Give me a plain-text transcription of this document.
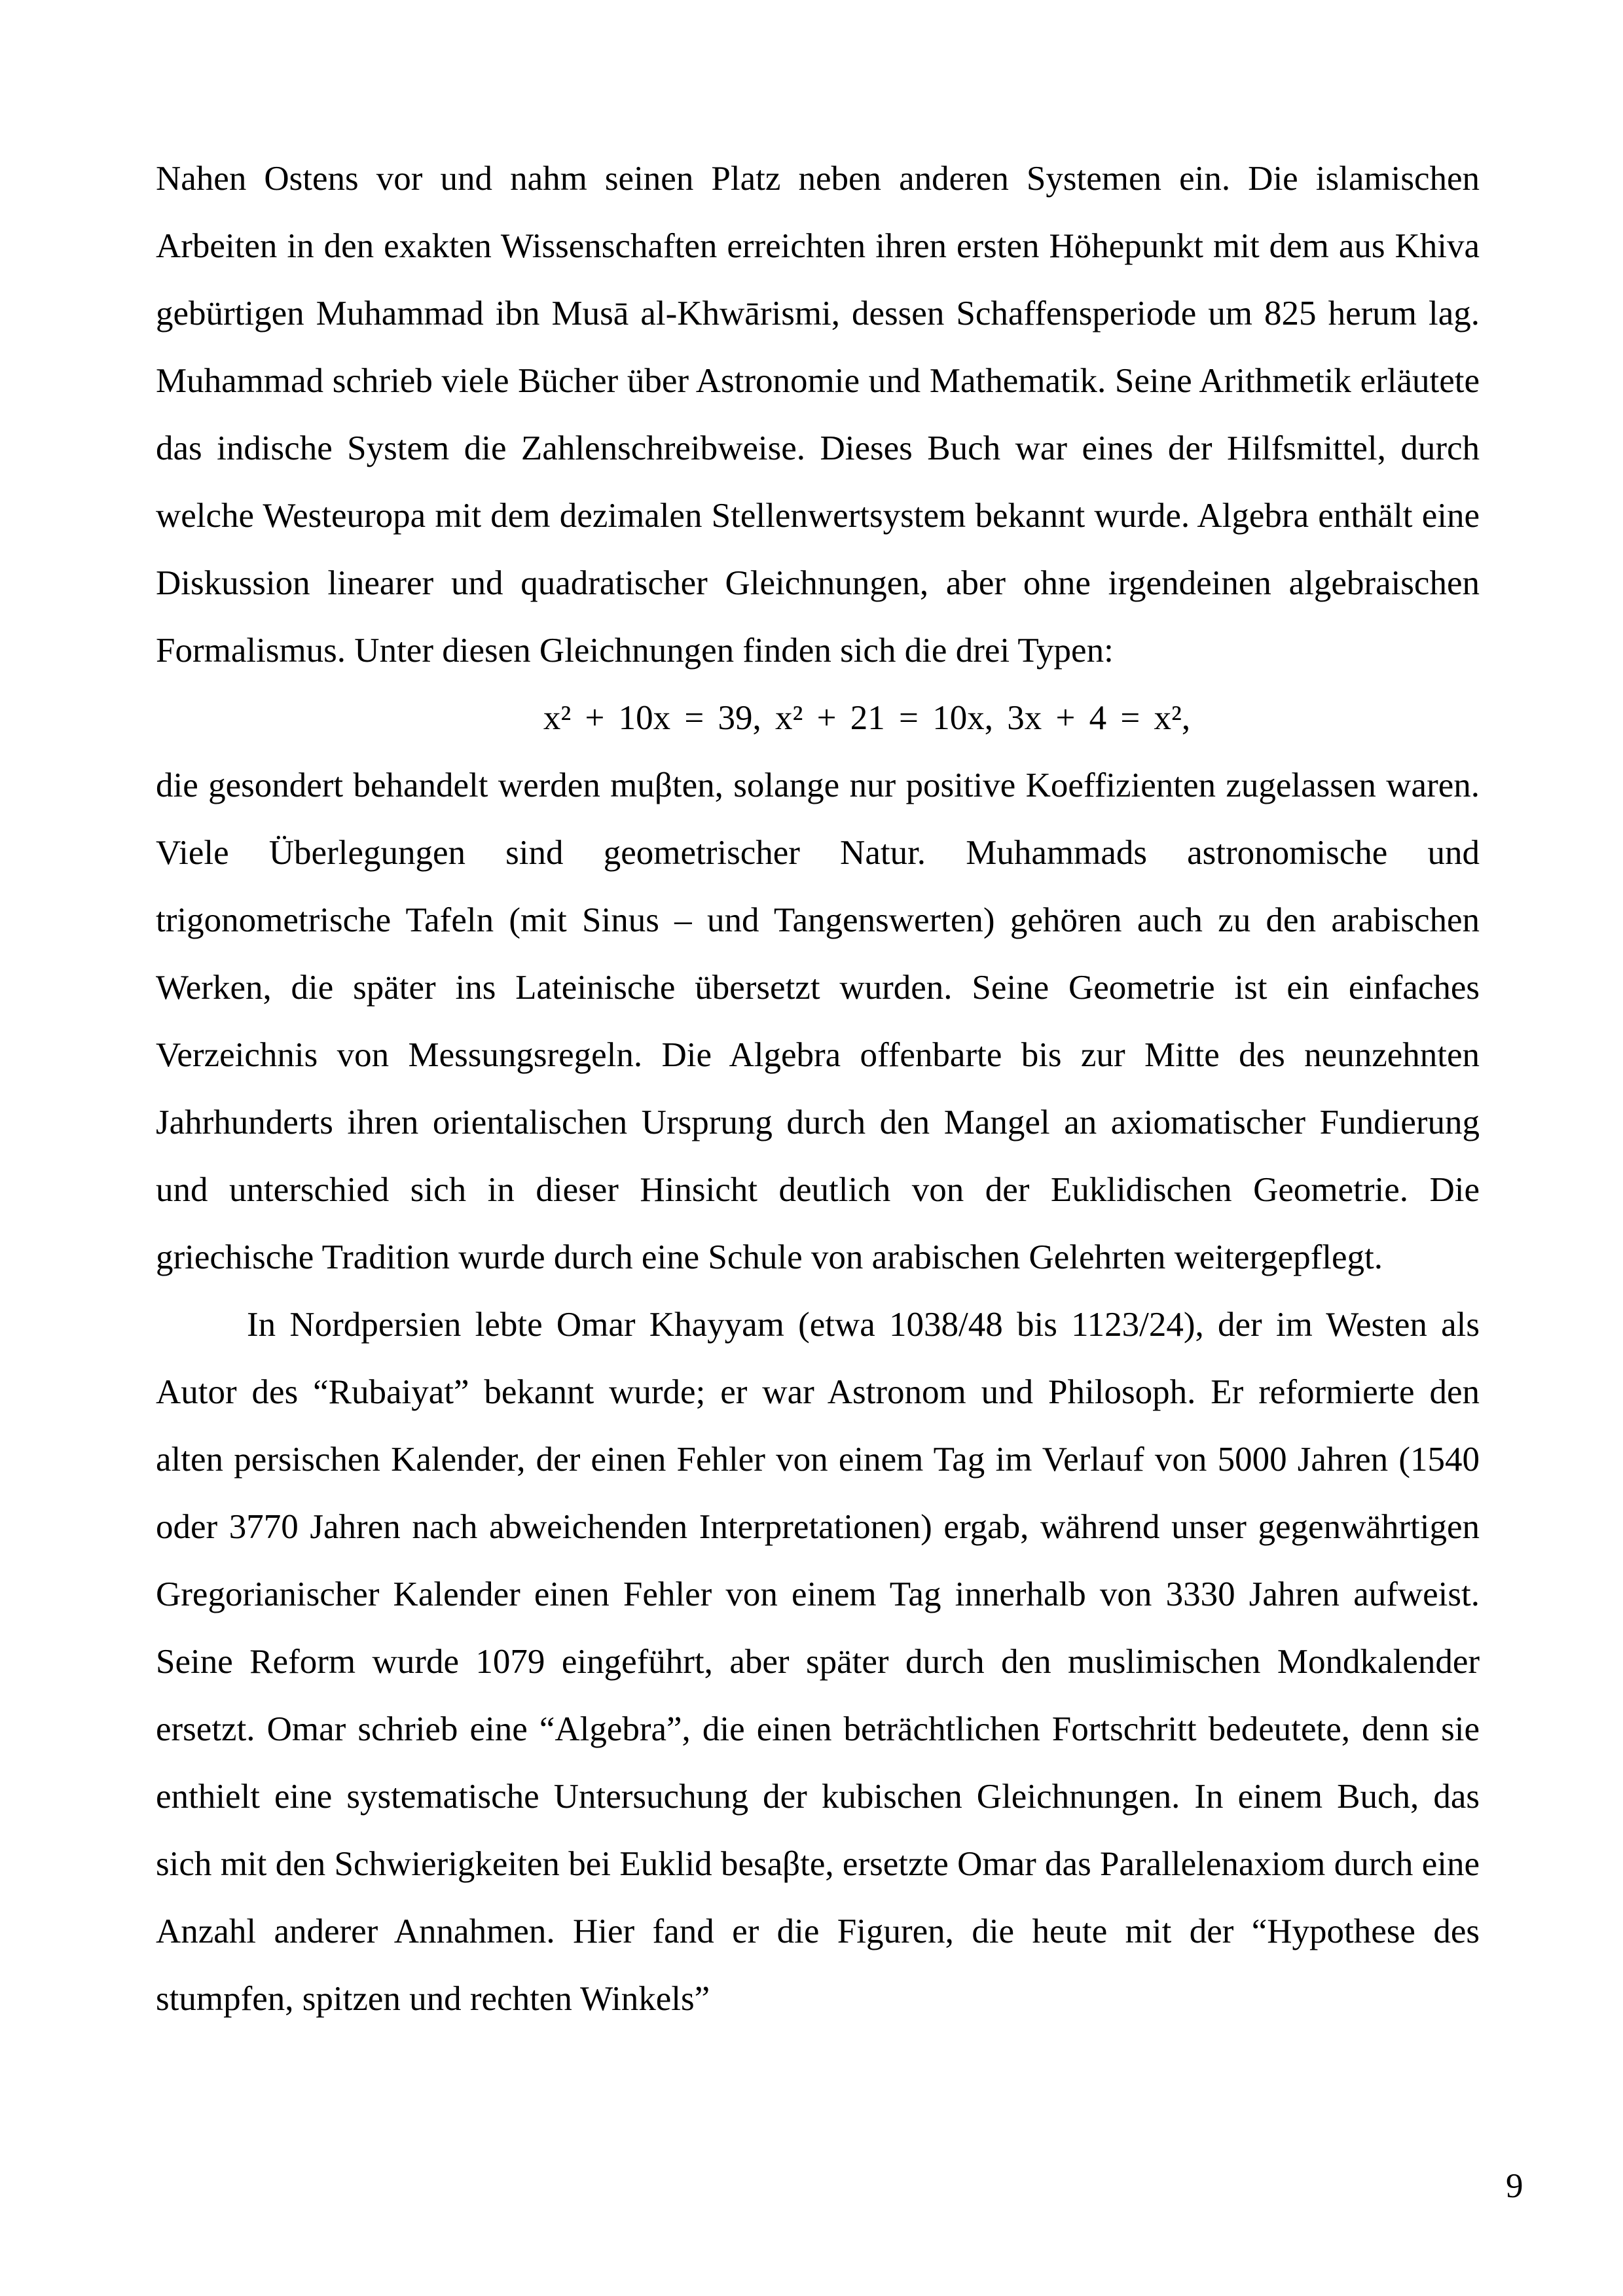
Nahen Ostens vor und nahm seinen Platz neben anderen Systemen ein. Die islamischen Arbeiten in den exakten Wissenschaften erreichten ihren ersten Höhepunkt mit dem aus Khiva gebürtigen Muhammad ibn Musā al-Khwārismi, dessen Schaffensperiode um 825 herum lag. Muhammad schrieb viele Bücher über Astronomie und Mathematik. Seine Arithmetik erläutete das indische System die Zahlenschreibweise. Dieses Buch war eines der Hilfsmittel, durch welche Westeuropa mit dem dezimalen Stellenwertsystem bekannt wurde. Algebra enthält eine Diskussion linearer und quadratischer Gleichnungen, aber ohne irgendeinen algebraischen Formalismus. Unter diesen Gleichnungen finden sich die drei Typen:

x² + 10x = 39, x² + 21 = 10x, 3x + 4 = x²,

die gesondert behandelt werden muβten, solange nur positive Koeffizienten zugelassen waren. Viele Überlegungen sind geometrischer Natur. Muhammads astronomische und trigonometrische Tafeln (mit Sinus – und Tangenswerten) gehören auch zu den arabischen Werken, die später ins Lateinische übersetzt wurden. Seine Geometrie ist ein einfaches Verzeichnis von Messungsregeln. Die Algebra offenbarte bis zur Mitte des neunzehnten Jahrhunderts ihren orientalischen Ursprung durch den Mangel an axiomatischer Fundierung und unterschied sich in dieser Hinsicht deutlich von der Euklidischen Geometrie. Die griechische Tradition wurde durch eine Schule von arabischen Gelehrten weitergepflegt.

In Nordpersien lebte Omar Khayyam (etwa 1038/48 bis 1123/24), der im Westen als Autor des “Rubaiyat” bekannt wurde; er war Astronom und Philosoph. Er reformierte den alten persischen Kalender, der einen Fehler von einem Tag im Verlauf von 5000 Jahren (1540 oder 3770 Jahren nach abweichenden Interpretationen) ergab, während unser gegenwährtigen Gregorianischer Kalender einen Fehler von einem Tag innerhalb von 3330 Jahren aufweist. Seine Reform wurde 1079 eingeführt, aber später durch den muslimischen Mondkalender ersetzt. Omar schrieb eine “Algebra”, die einen beträchtlichen Fortschritt bedeutete, denn sie enthielt eine systematische Untersuchung der kubischen Gleichnungen. In einem Buch, das sich mit den Schwierigkeiten bei Euklid besaβte, ersetzte Omar das Parallelenaxiom durch eine Anzahl anderer Annahmen. Hier fand er die Figuren, die heute mit der “Hypothese des stumpfen, spitzen und rechten Winkels”

9
